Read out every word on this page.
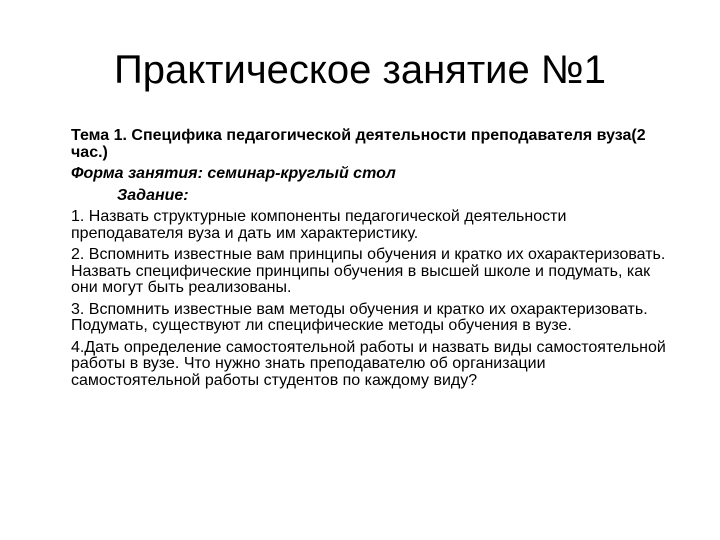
Практическое занятие №1

Тема 1. Специфика педагогической деятельности преподавателя вуза(2 час.)

Форма занятия: семинар-круглый стол

Задание:

1. Назвать структурные компоненты педагогической деятельности преподавателя вуза и дать им характеристику.

2. Вспомнить известные вам принципы обучения и кратко их охарактеризовать. Назвать специфические принципы обучения в высшей школе и подумать, как они могут быть реализованы.

3. Вспомнить известные вам методы обучения и кратко их охарактеризовать. Подумать, существуют ли специфические методы обучения в вузе.

4.Дать определение самостоятельной работы и назвать виды самостоятельной работы в вузе. Что нужно знать преподавателю об организации самостоятельной работы студентов по каждому виду?
